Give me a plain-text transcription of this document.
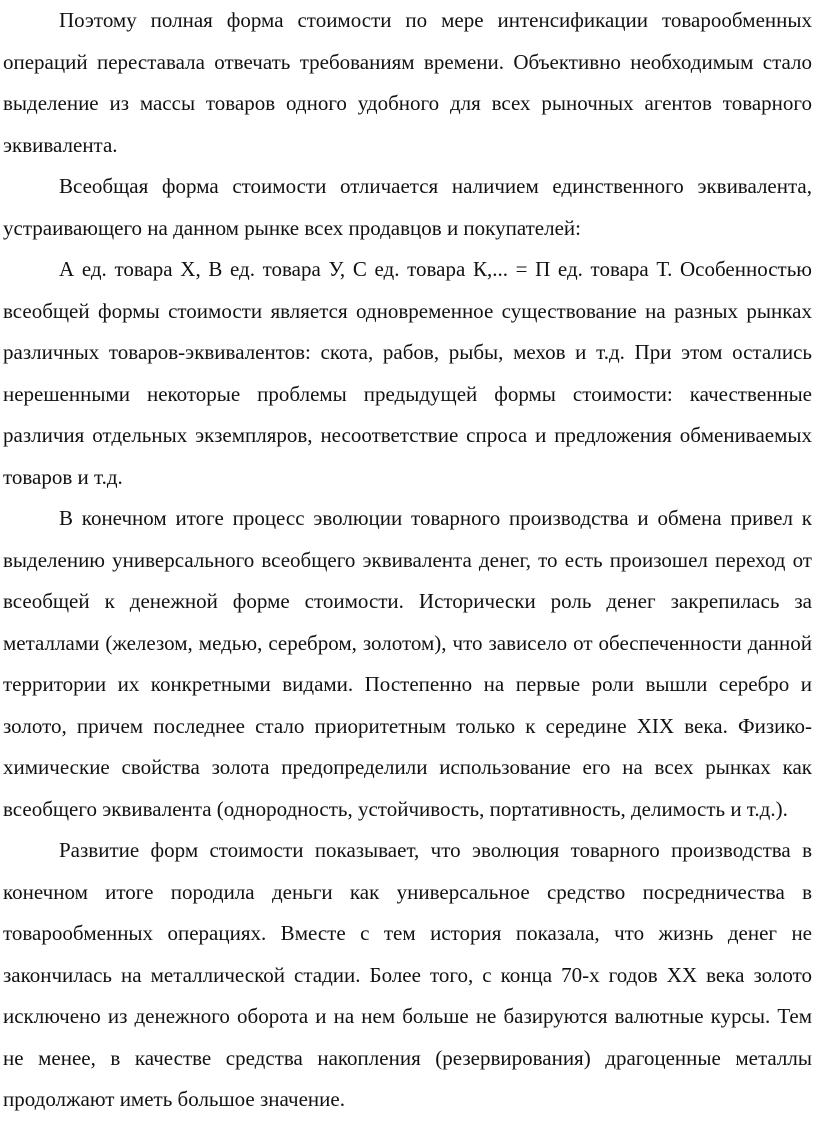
Поэтому полная форма стоимости по мере интенсификации товарообменных операций переставала отвечать требованиям времени. Объективно необходимым стало выделение из массы товаров одного удобного для всех рыночных агентов товарного эквивалента.

Всеобщая форма стоимости отличается наличием единственного эквивалента, устраивающего на данном рынке всех продавцов и покупателей:

А ед. товара Х, В ед. товара У, С ед. товара К,... = П ед. товара Т. Особенностью всеобщей формы стоимости является одновременное существование на разных рынках различных товаров-эквивалентов: скота, рабов, рыбы, мехов и т.д. При этом остались нерешенными некоторые проблемы предыдущей формы стоимости: качественные различия отдельных экземпляров, несоответствие спроса и предложения обмениваемых товаров и т.д.

В конечном итоге процесс эволюции товарного производства и обмена привел к выделению универсального всеобщего эквивалента денег, то есть произошел переход от всеобщей к денежной форме стоимости. Исторически роль денег закрепилась за металлами (железом, медью, серебром, золотом), что зависело от обеспеченности данной территории их конкретными видами. Постепенно на первые роли вышли серебро и золото, причем последнее стало приоритетным только к середине XIX века. Физико-химические свойства золота предопределили использование его на всех рынках как всеобщего эквивалента (однородность, устойчивость, портативность, делимость и т.д.).

Развитие форм стоимости показывает, что эволюция товарного производства в конечном итоге породила деньги как универсальное средство посредничества в товарообменных операциях. Вместе с тем история показала, что жизнь денег не закончилась на металлической стадии. Более того, с конца 70-х годов XX века золото исключено из денежного оборота и на нем больше не базируются валютные курсы. Тем не менее, в качестве средства накопления (резервирования) драгоценные металлы продолжают иметь большое значение.
